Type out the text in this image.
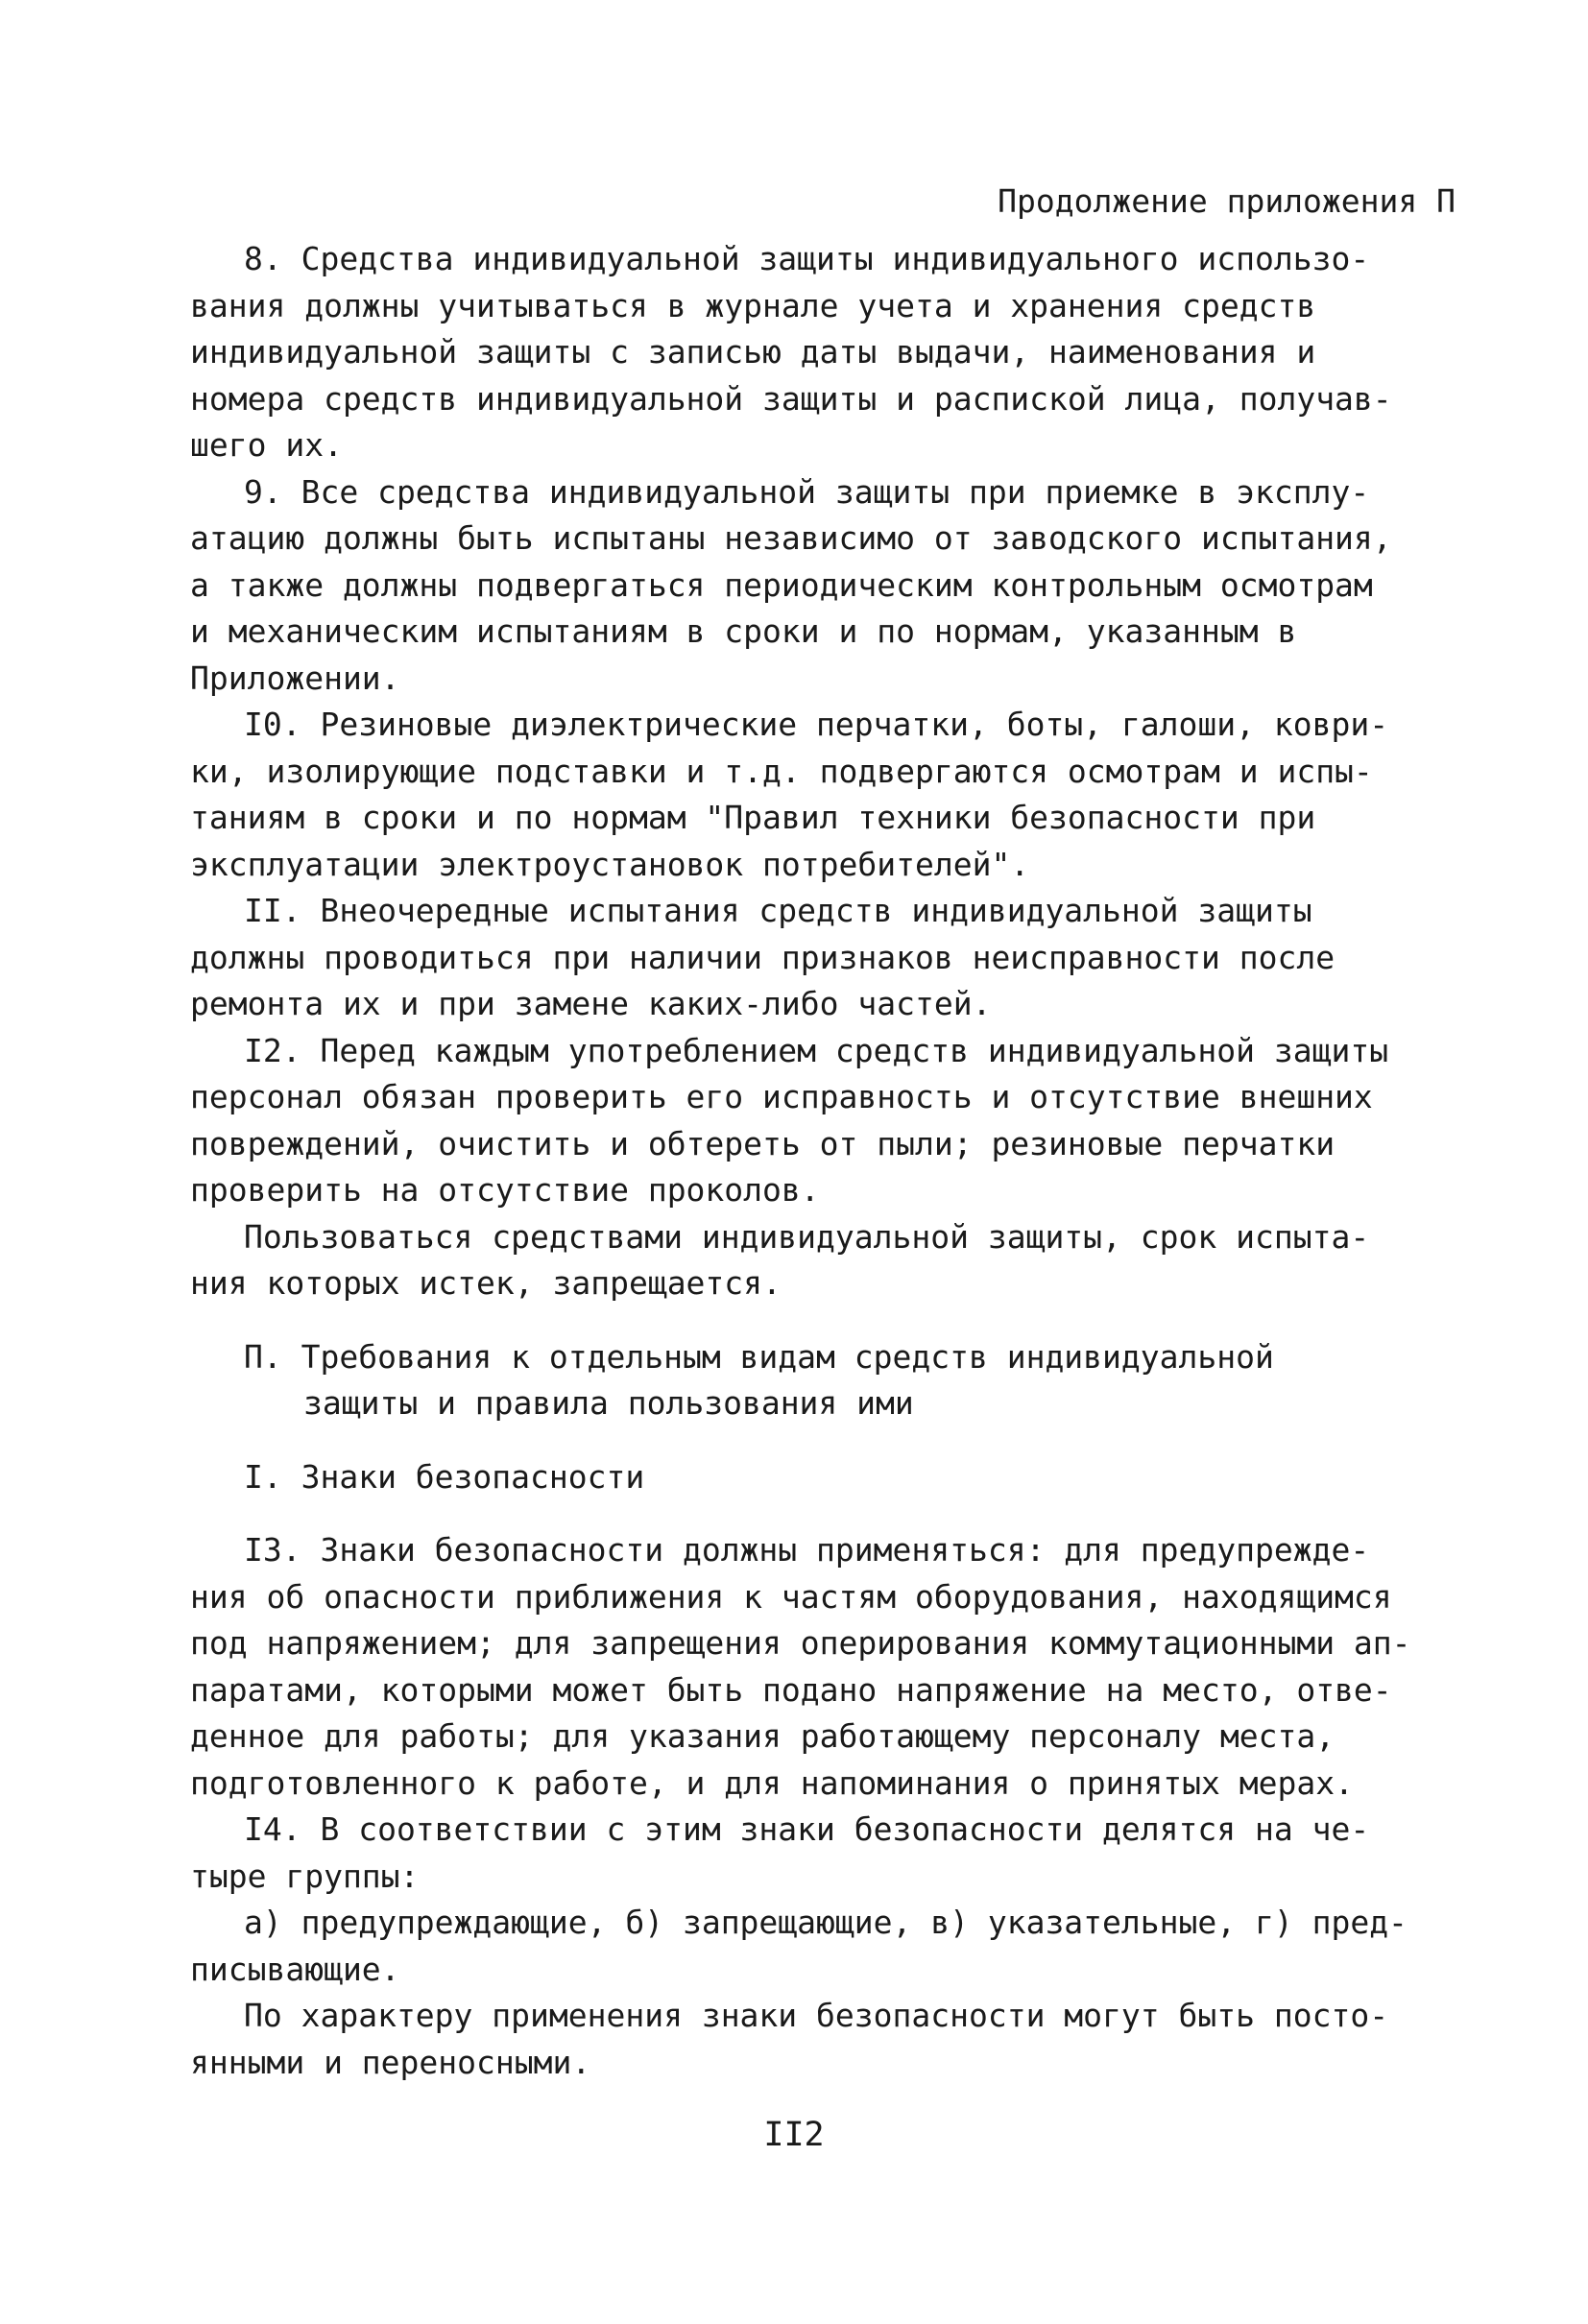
Продолжение приложения П

8. Средства индивидуальной защиты индивидуального использо-
вания должны учитываться в журнале учета и хранения средств
индивидуальной защиты с записью даты выдачи, наименования и
номера средств индивидуальной защиты и распиской лица, получав-
шего их.

9. Все средства индивидуальной защиты при приемке в эксплу-
атацию должны быть испытаны независимо от заводского испытания,
а также должны подвергаться периодическим контрольным осмотрам
и механическим испытаниям в сроки и по нормам, указанным в
Приложении.

I0. Резиновые диэлектрические перчатки, боты, галоши, коври-
ки, изолирующие подставки и т.д. подвергаются осмотрам и испы-
таниям в сроки и по нормам "Правил техники безопасности при
эксплуатации электроустановок потребителей".

II. Внеочередные испытания средств индивидуальной защиты
должны проводиться при наличии признаков неисправности после
ремонта их и при замене каких-либо частей.

I2. Перед каждым употреблением средств индивидуальной защиты
персонал обязан проверить его исправность и отсутствие внешних
повреждений, очистить и обтереть от пыли; резиновые перчатки
проверить на отсутствие проколов.

Пользоваться средствами индивидуальной защиты, срок испыта-
ния которых истек, запрещается.

П. Требования к отдельным видам средств индивидуальной
защиты и правила пользования ими

I. Знаки безопасности

I3. Знаки безопасности должны применяться: для предупрежде-
ния об опасности приближения к частям оборудования, находящимся
под напряжением; для запрещения оперирования коммутационными ап-
паратами, которыми может быть подано напряжение на место, отве-
денное для работы; для указания работающему персоналу места,
подготовленного к работе, и для напоминания о принятых мерах.

I4. В соответствии с этим знаки безопасности делятся на че-
тыре группы:

а) предупреждающие, б) запрещающие, в) указательные, г) пред-
писывающие.

По характеру применения знаки безопасности могут быть посто-
янными и переносными.

II2
